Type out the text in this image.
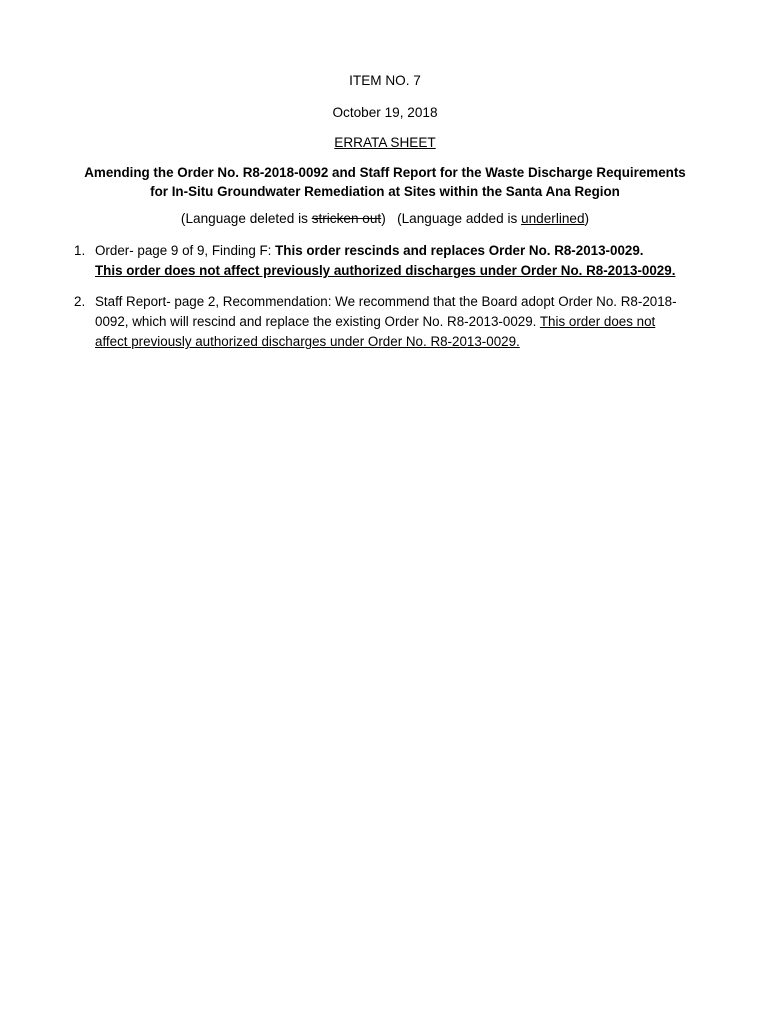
ITEM NO. 7
October 19, 2018
ERRATA SHEET
Amending the Order No. R8-2018-0092 and Staff Report for the Waste Discharge Requirements
for In-Situ Groundwater Remediation at Sites within the Santa Ana Region
(Language deleted is stricken out) (Language added is underlined)
1. Order- page 9 of 9, Finding F: This order rescinds and replaces Order No. R8-2013-0029.
This order does not affect previously authorized discharges under Order No. R8-2013-0029.
2. Staff Report- page 2, Recommendation: We recommend that the Board adopt Order No. R8-2018-
0092, which will rescind and replace the existing Order No. R8-2013-0029. This order does not
affect previously authorized discharges under Order No. R8-2013-0029.
